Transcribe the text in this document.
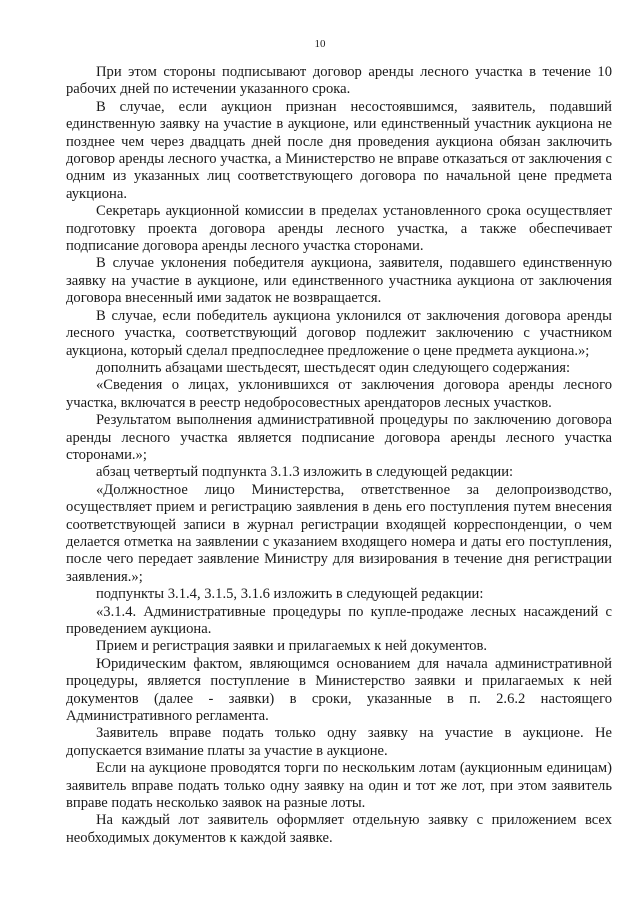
10

При этом стороны подписывают договор аренды лесного участка в течение 10 рабочих дней по истечении указанного срока.

В случае, если аукцион признан несостоявшимся, заявитель, подавший единственную заявку на участие в аукционе, или единственный участник аукциона не позднее чем через двадцать дней после дня проведения аукциона обязан заключить договор аренды лесного участка, а Министерство не вправе отказаться от заключения с одним из указанных лиц соответствующего договора по начальной цене предмета аукциона.

Секретарь аукционной комиссии в пределах установленного срока осуществляет подготовку проекта договора аренды лесного участка, а также обеспечивает подписание договора аренды лесного участка сторонами.

В случае уклонения победителя аукциона, заявителя, подавшего единственную заявку на участие в аукционе, или единственного участника аукциона от заключения договора внесенный ими задаток не возвращается.

В случае, если победитель аукциона уклонился от заключения договора аренды лесного участка, соответствующий договор подлежит заключению с участником аукциона, который сделал предпоследнее предложение о цене предмета аукциона.»;

дополнить абзацами шестьдесят, шестьдесят один следующего содержания:

«Сведения о лицах, уклонившихся от заключения договора аренды лесного участка, включатся в реестр недобросовестных арендаторов лесных участков.

Результатом выполнения административной процедуры по заключению договора аренды лесного участка является подписание договора аренды лесного участка сторонами.»;

абзац четвертый подпункта 3.1.3 изложить в следующей редакции:

«Должностное лицо Министерства, ответственное за делопроизводство, осуществляет прием и регистрацию заявления в день его поступления путем внесения соответствующей записи в журнал регистрации входящей корреспонденции, о чем делается отметка на заявлении с указанием входящего номера и даты его поступления, после чего передает заявление Министру для визирования в течение дня регистрации заявления.»;

подпункты 3.1.4, 3.1.5, 3.1.6 изложить в следующей редакции:

«3.1.4. Административные процедуры по купле-продаже лесных насаждений с проведением аукциона.

Прием и регистрация заявки и прилагаемых к ней документов.

Юридическим фактом, являющимся основанием для начала административной процедуры, является поступление в Министерство заявки и прилагаемых к ней документов (далее - заявки) в сроки, указанные в п. 2.6.2 настоящего Административного регламента.

Заявитель вправе подать только одну заявку на участие в аукционе. Не допускается взимание платы за участие в аукционе.

Если на аукционе проводятся торги по нескольким лотам (аукционным единицам) заявитель вправе подать только одну заявку на один и тот же лот, при этом заявитель вправе подать несколько заявок на разные лоты.

На каждый лот заявитель оформляет отдельную заявку с приложением всех необходимых документов к каждой заявке.
